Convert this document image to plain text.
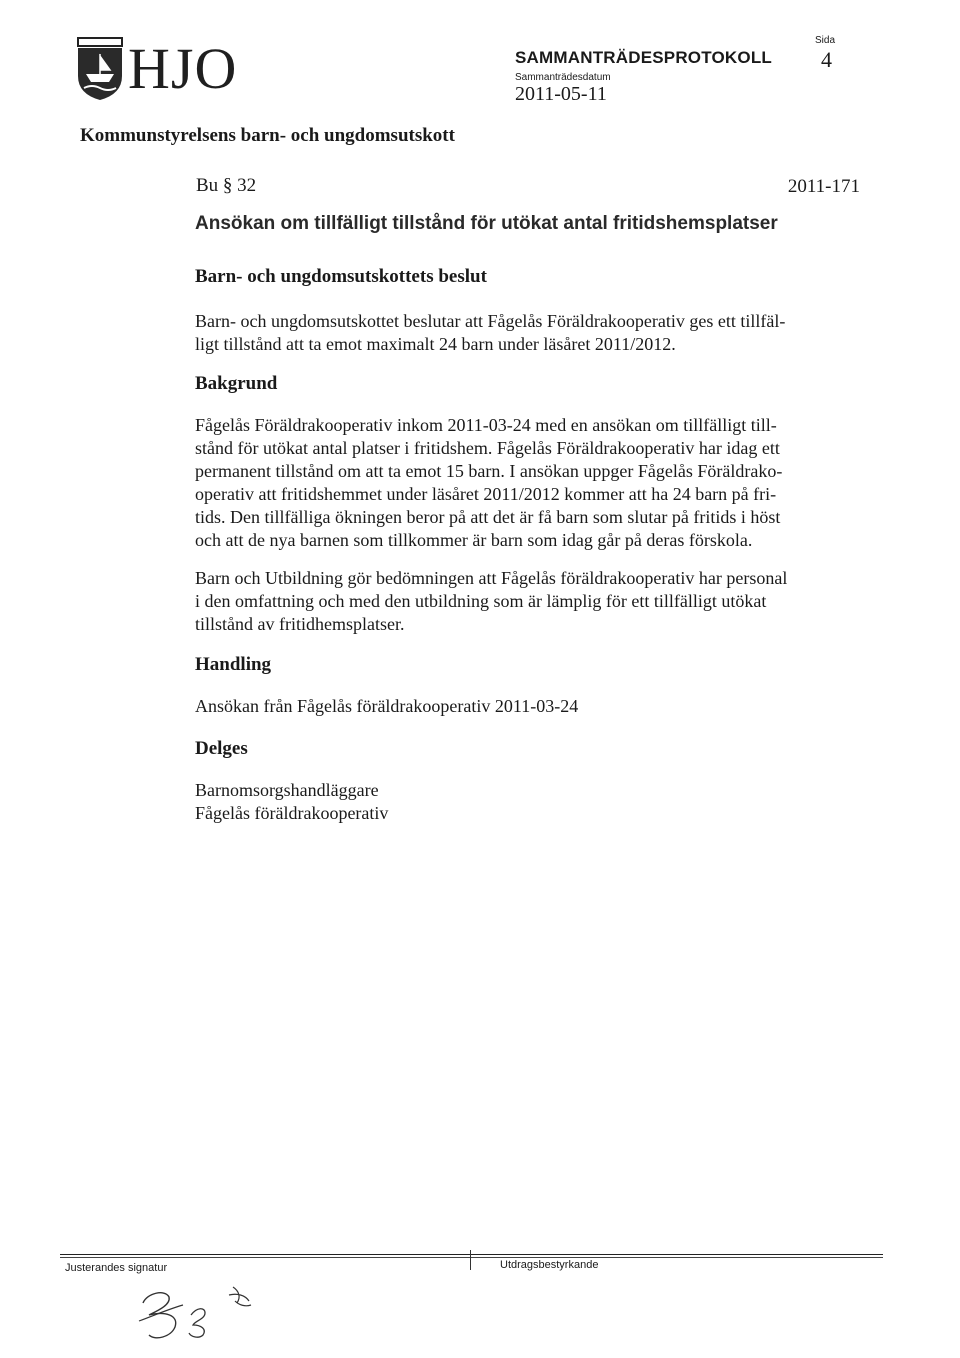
HJO	SAMMANTRÄDESPROTOKOLL
Sida
4
Sammanträdesdatum
2011-05-11
Kommunstyrelsens barn- och ungdomsutskott
Bu § 32	2011-171
Ansökan om tillfälligt tillstånd för utökat antal fritidshemsplatser
Barn- och ungdomsutskottets beslut
Barn- och ungdomsutskottet beslutar att Fågelås Föräldrakooperativ ges ett tillfäl-
ligt tillstånd att ta emot maximalt 24 barn under läsåret 2011/2012.
Bakgrund
Fågelås Föräldrakooperativ inkom 2011-03-24 med en ansökan om tillfälligt till-
stånd för utökat antal platser i fritidshem. Fågelås Föräldrakooperativ har idag ett
permanent tillstånd om att ta emot 15 barn. I ansökan uppger Fågelås Föräldrako-
operativ att fritidshemmet under läsåret 2011/2012 kommer att ha 24 barn på fri-
tids. Den tillfälliga ökningen beror på att det är få barn som slutar på fritids i höst
och att de nya barnen som tillkommer är barn som idag går på deras förskola.
Barn och Utbildning gör bedömningen att Fågelås föräldrakooperativ har personal
i den omfattning och med den utbildning som är lämplig för ett tillfälligt utökat
tillstånd av fritidhemsplatser.
Handling
Ansökan från Fågelås föräldrakooperativ 2011-03-24
Delges
Barnomsorgshandläggare
Fågelås föräldrakooperativ
Justerandes signatur	Utdragsbestyrkande
